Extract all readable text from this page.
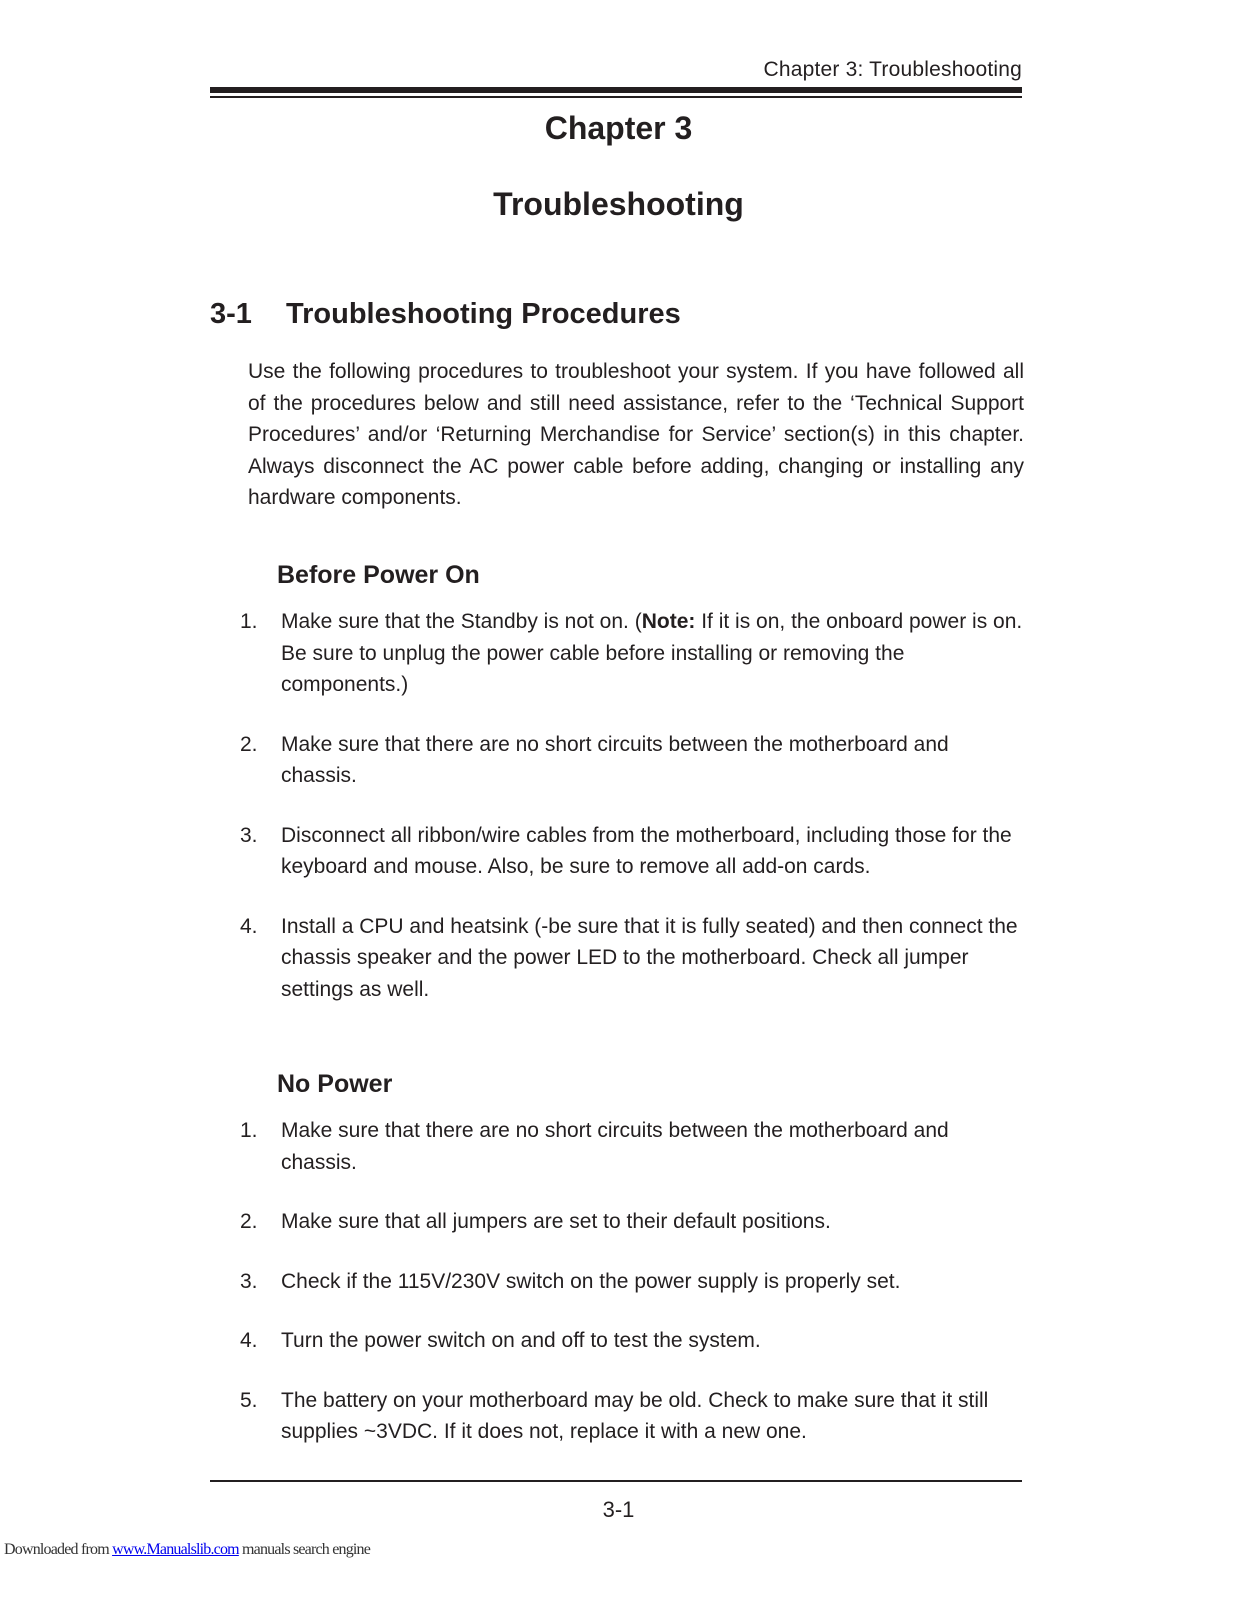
Chapter 3: Troubleshooting
Chapter 3
Troubleshooting
3-1 Troubleshooting Procedures
Use the following procedures to troubleshoot your system. If you have followed all of the procedures below and still need assistance, refer to the ‘Technical Support Procedures’ and/or ‘Returning Merchandise for Service’ section(s) in this chapter. Always disconnect the AC power cable before adding, changing or installing any hardware components.
Before Power On
1. Make sure that the Standby is not on. (Note: If it is on, the onboard power is on. Be sure to unplug the power cable before installing or removing the components.)
2. Make sure that there are no short circuits between the motherboard and chassis.
3. Disconnect all ribbon/wire cables from the motherboard, including those for the keyboard and mouse. Also, be sure to remove all add-on cards.
4. Install a CPU and heatsink (-be sure that it is fully seated) and then connect the chassis speaker and the power LED to the motherboard. Check all jumper settings as well.
No Power
1. Make sure that there are no short circuits between the motherboard and chassis.
2. Make sure that all jumpers are set to their default positions.
3. Check if the 115V/230V switch on the power supply is properly set.
4. Turn the power switch on and off to test the system.
5. The battery on your motherboard may be old. Check to make sure that it still supplies ~3VDC. If it does not, replace it with a new one.
3-1
Downloaded from www.Manualslib.com manuals search engine
